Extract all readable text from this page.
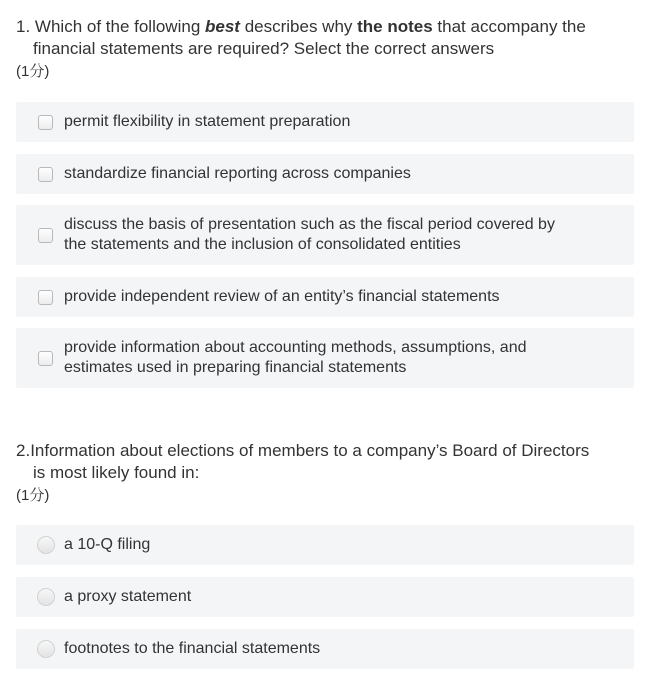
1. Which of the following best describes why the notes that accompany the
financial statements are required? Select the correct answers
(1分)
permit flexibility in statement preparation
standardize financial reporting across companies
discuss the basis of presentation such as the fiscal period covered by
the statements and the inclusion of consolidated entities
provide independent review of an entity’s financial statements
provide information about accounting methods, assumptions, and
estimates used in preparing financial statements
2.Information about elections of members to a company’s Board of Directors
is most likely found in:
(1分)
a 10-Q filing
a proxy statement
footnotes to the financial statements
